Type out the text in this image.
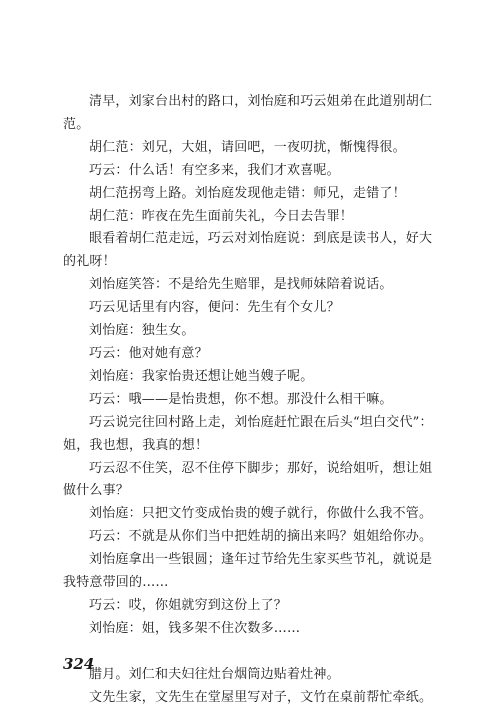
清早，刘家台出村的路口，刘怡庭和巧云姐弟在此道别胡仁范。

胡仁范：刘兄，大姐，请回吧，一夜叨扰，惭愧得很。

巧云：什么话！有空多来，我们才欢喜呢。

胡仁范拐弯上路。刘怡庭发现他走错：师兄，走错了！

胡仁范：昨夜在先生面前失礼，今日去告罪！

眼看着胡仁范走远，巧云对刘怡庭说：到底是读书人，好大的礼呀！

刘怡庭笑答：不是给先生赔罪，是找师妹陪着说话。

巧云见话里有内容，便问：先生有个女儿？

刘怡庭：独生女。

巧云：他对她有意？

刘怡庭：我家怡贵还想让她当嫂子呢。

巧云：哦——是怡贵想，你不想。那没什么相干嘛。

巧云说完往回村路上走，刘怡庭赶忙跟在后头“坦白交代”：姐，我也想，我真的想！

巧云忍不住笑，忍不住停下脚步；那好，说给姐听，想让姐做什么事？

刘怡庭：只把文竹变成怡贵的嫂子就行，你做什么我不管。

巧云：不就是从你们当中把姓胡的摘出来吗？姐姐给你办。

刘怡庭拿出一些银圆；逢年过节给先生家买些节礼，就说是我特意带回的……

巧云：哎，你姐就穷到这份上了？

刘怡庭：姐，钱多架不住次数多……

腊月。刘仁和夫妇往灶台烟筒边贴着灶神。

文先生家，文先生在堂屋里写对子，文竹在桌前帮忙牵纸。

324
